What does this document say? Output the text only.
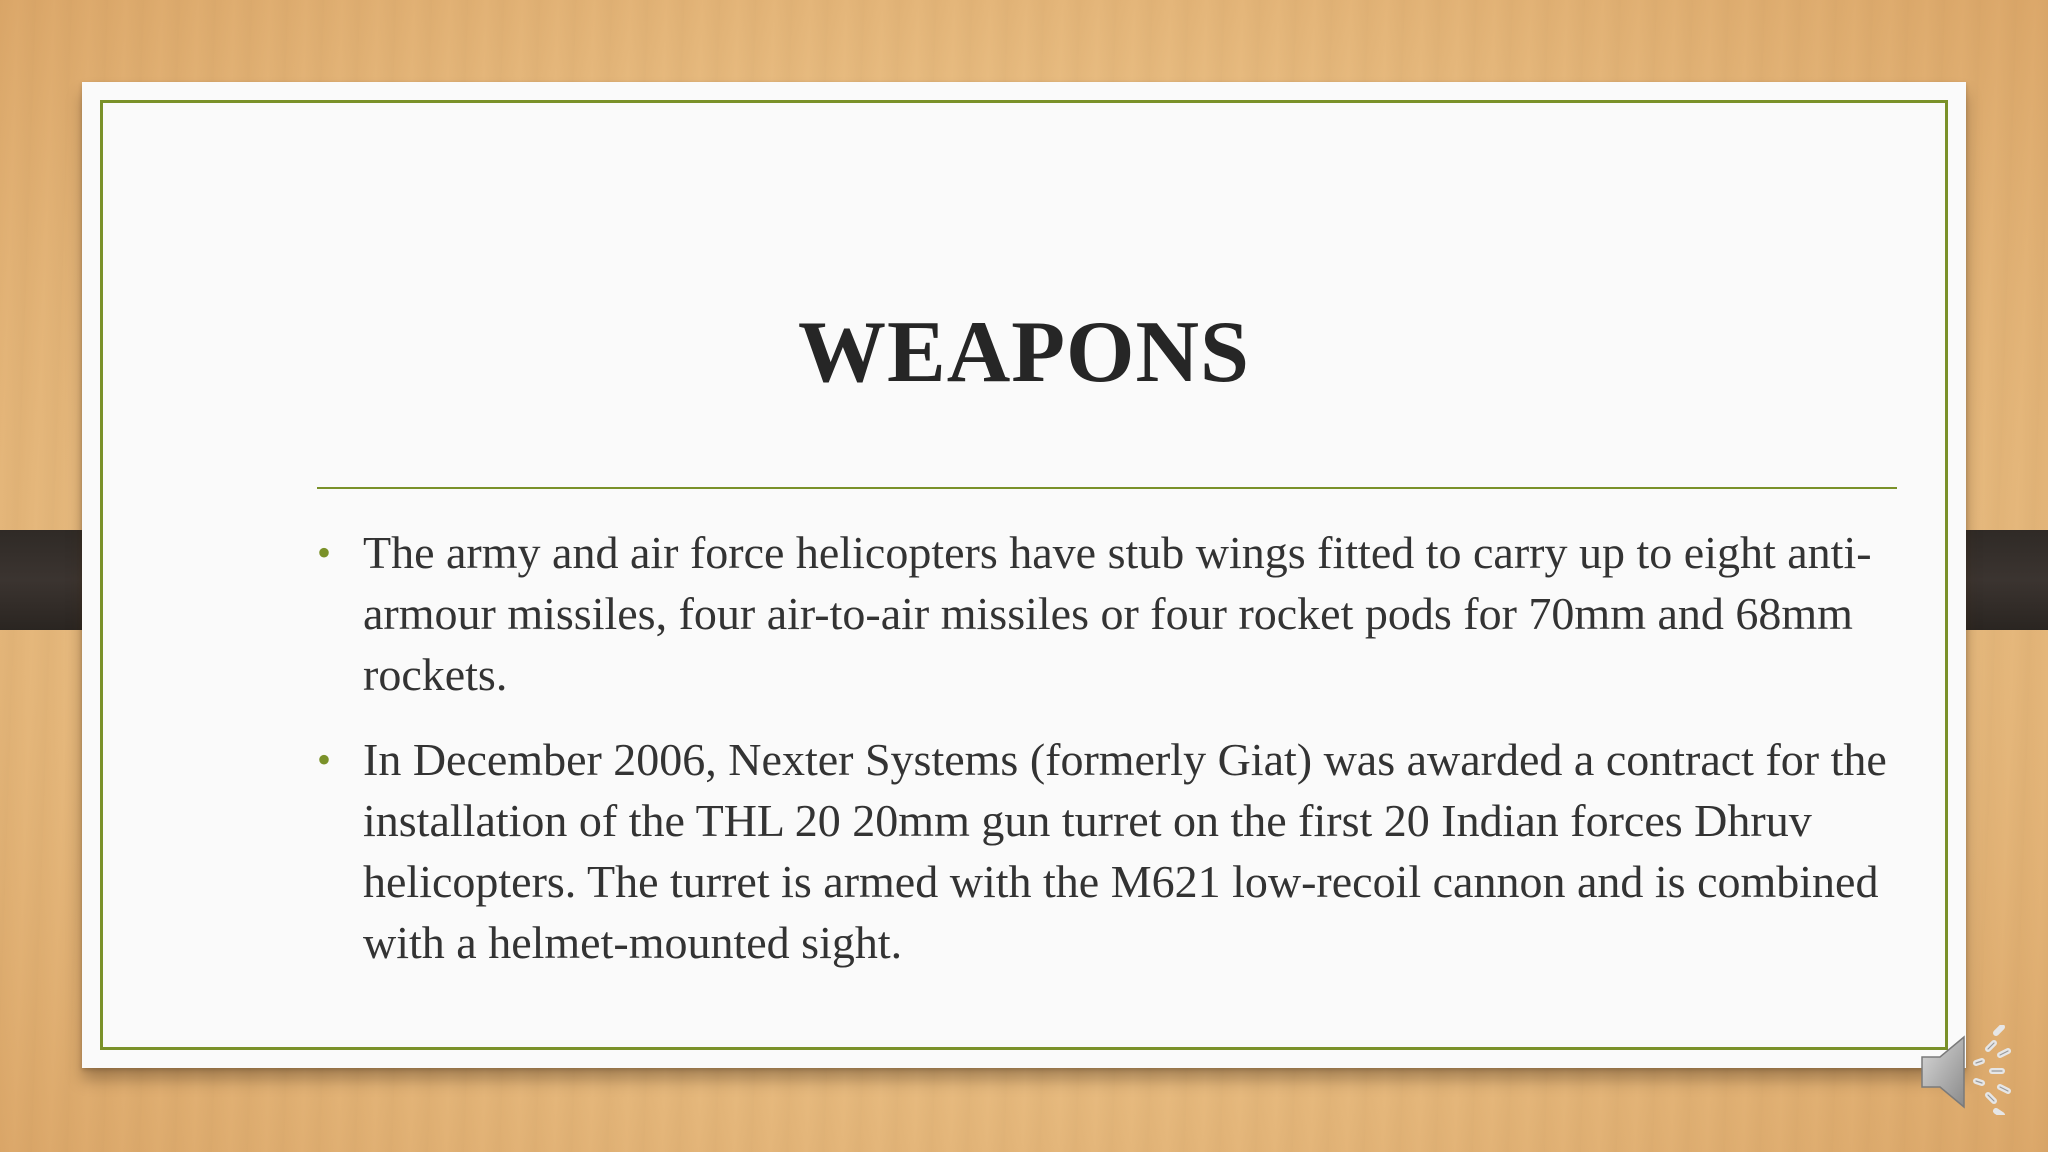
WEAPONS
• The army and air force helicopters have stub wings fitted to carry up to eight anti-armour missiles, four air-to-air missiles or four rocket pods for 70mm and 68mm rockets.
• In December 2006, Nexter Systems (formerly Giat) was awarded a contract for the installation of the THL 20 20mm gun turret on the first 20 Indian forces Dhruv helicopters. The turret is armed with the M621 low-recoil cannon and is combined with a helmet-mounted sight.
